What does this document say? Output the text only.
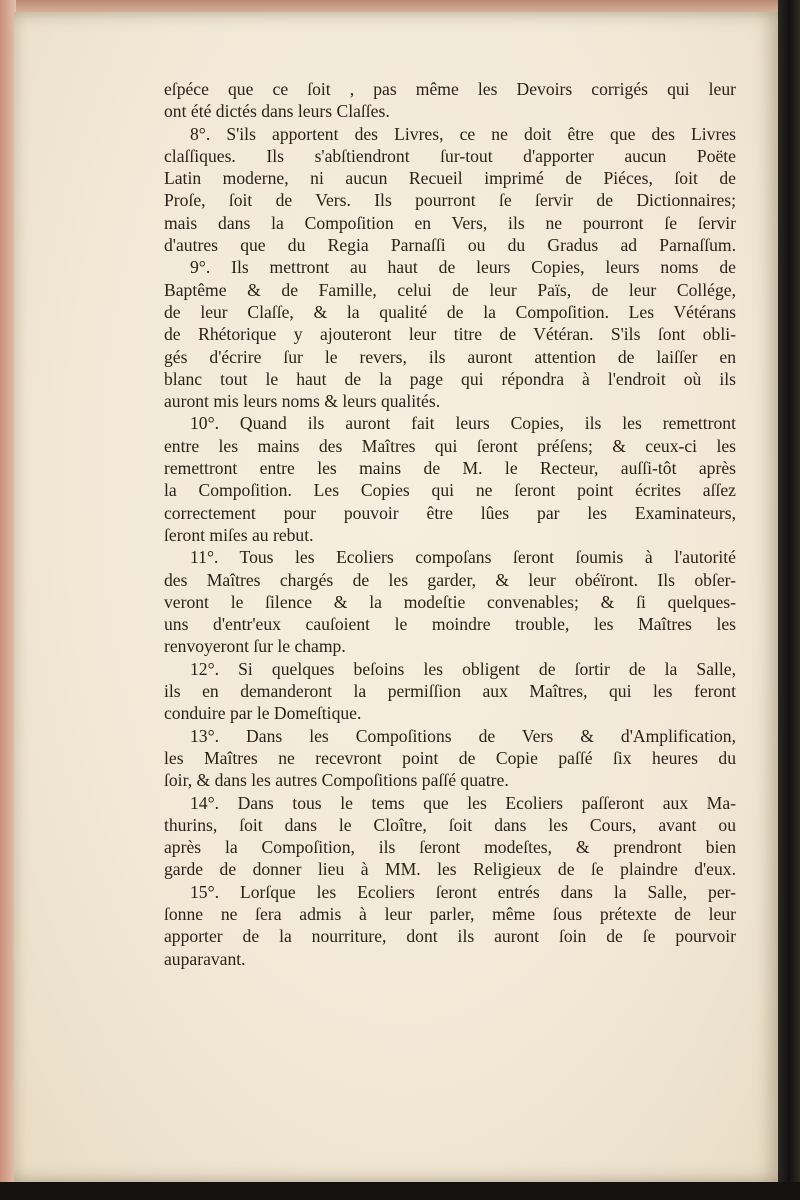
eſpéce que ce ſoit , pas même les Devoirs corrigés qui leur
ont été dictés dans leurs Claſſes.
8°. S'ils apportent des Livres, ce ne doit être que des Livres
claſſiques. Ils s'abſtiendront ſur-tout d'apporter aucun Poëte
Latin moderne, ni aucun Recueil imprimé de Piéces, ſoit de
Proſe, ſoit de Vers. Ils pourront ſe ſervir de Dictionnaires;
mais dans la Compoſition en Vers, ils ne pourront ſe ſervir
d'autres que du Regia Parnaſſi ou du Gradus ad Parnaſſum.
9°. Ils mettront au haut de leurs Copies, leurs noms de
Baptême & de Famille, celui de leur Païs, de leur Collége,
de leur Claſſe, & la qualité de la Compoſition. Les Vétérans
de Rhétorique y ajouteront leur titre de Vétéran. S'ils ſont obli-
gés d'écrire ſur le revers, ils auront attention de laiſſer en
blanc tout le haut de la page qui répondra à l'endroit où ils
auront mis leurs noms & leurs qualités.
10°. Quand ils auront fait leurs Copies, ils les remettront
entre les mains des Maîtres qui ſeront préſens; & ceux-ci les
remettront entre les mains de M. le Recteur, auſſi-tôt après
la Compoſition. Les Copies qui ne ſeront point écrites aſſez
correctement pour pouvoir être lûes par les Examinateurs,
ſeront miſes au rebut.
11°. Tous les Ecoliers compoſans ſeront ſoumis à l'autorité
des Maîtres chargés de les garder, & leur obéïront. Ils obſer-
veront le ſilence & la modeſtie convenables; & ſi quelques-
uns d'entr'eux cauſoient le moindre trouble, les Maîtres les
renvoyeront ſur le champ.
12°. Si quelques beſoins les obligent de ſortir de la Salle,
ils en demanderont la permiſſion aux Maîtres, qui les feront
conduire par le Domeſtique.
13°. Dans les Compoſitions de Vers & d'Amplification,
les Maîtres ne recevront point de Copie paſſé ſix heures du
ſoir, & dans les autres Compoſitions paſſé quatre.
14°. Dans tous le tems que les Ecoliers paſſeront aux Ma-
thurins, ſoit dans le Cloître, ſoit dans les Cours, avant ou
après la Compoſition, ils ſeront modeſtes, & prendront bien
garde de donner lieu à MM. les Religieux de ſe plaindre d'eux.
15°. Lorſque les Ecoliers ſeront entrés dans la Salle, per-
ſonne ne ſera admis à leur parler, même ſous prétexte de leur
apporter de la nourriture, dont ils auront ſoin de ſe pourvoir
auparavant.
